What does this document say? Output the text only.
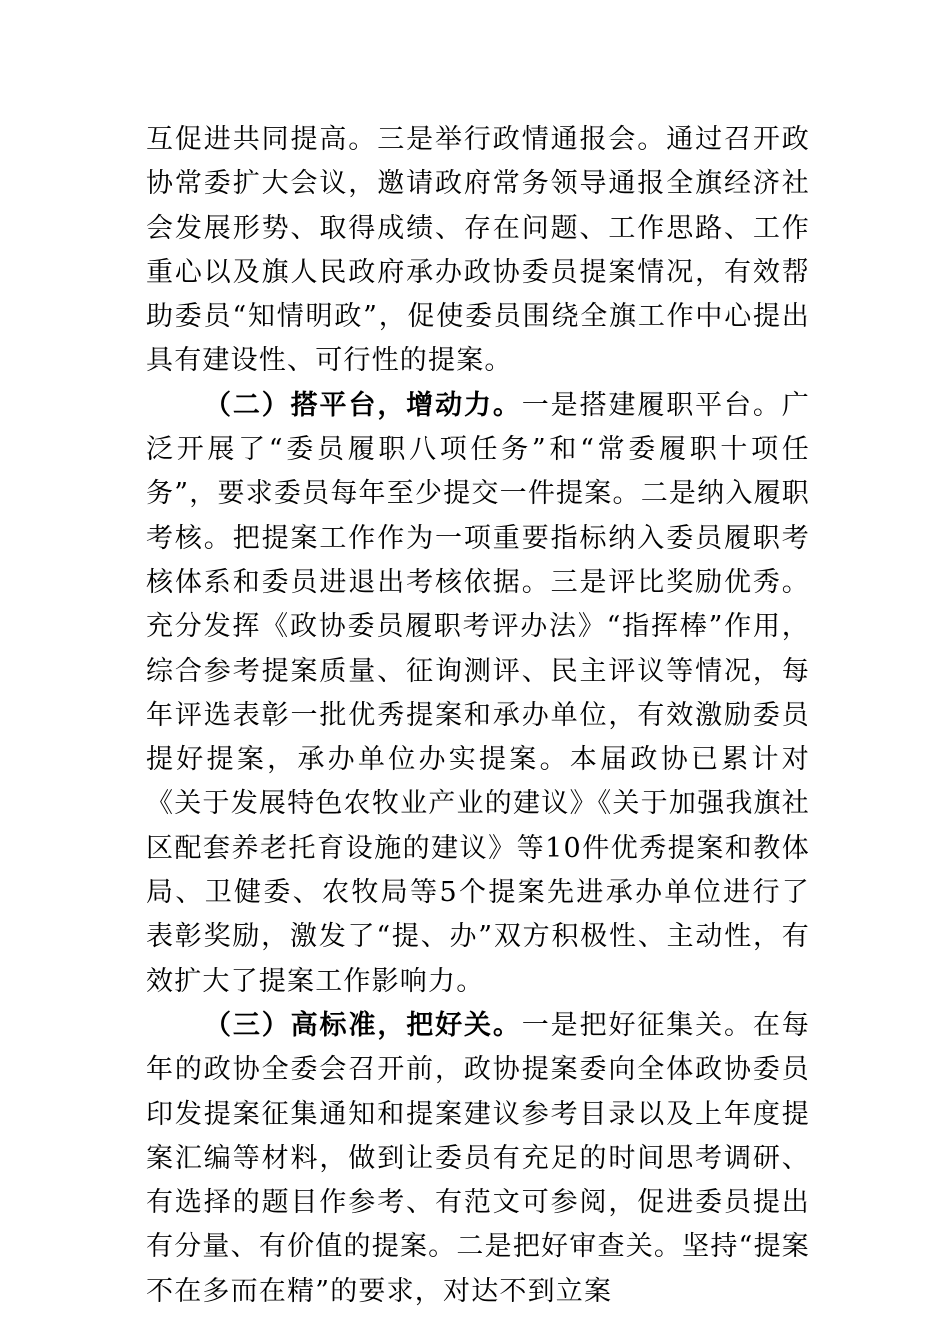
互促进共同提高。三是举行政情通报会。通过召开政协常委扩大会议，邀请政府常务领导通报全旗经济社会发展形势、取得成绩、存在问题、工作思路、工作重心以及旗人民政府承办政协委员提案情况，有效帮助委员“知情明政”，促使委员围绕全旗工作中心提出具有建设性、可行性的提案。

（二）搭平台，增动力。一是搭建履职平台。广泛开展了“委员履职八项任务”和“常委履职十项任务”，要求委员每年至少提交一件提案。二是纳入履职考核。把提案工作作为一项重要指标纳入委员履职考核体系和委员进退出考核依据。三是评比奖励优秀。充分发挥《政协委员履职考评办法》“指挥棒”作用，综合参考提案质量、征询测评、民主评议等情况，每年评选表彰一批优秀提案和承办单位，有效激励委员提好提案，承办单位办实提案。本届政协已累计对《关于发展特色农牧业产业的建议》《关于加强我旗社区配套养老托育设施的建议》等10件优秀提案和教体局、卫健委、农牧局等5个提案先进承办单位进行了表彰奖励，激发了“提、办”双方积极性、主动性，有效扩大了提案工作影响力。

（三）高标准，把好关。一是把好征集关。在每年的政协全委会召开前，政协提案委向全体政协委员印发提案征集通知和提案建议参考目录以及上年度提案汇编等材料，做到让委员有充足的时间思考调研、有选择的题目作参考、有范文可参阅，促进委员提出有分量、有价值的提案。二是把好审查关。坚持“提案不在多而在精”的要求，对达不到立案
